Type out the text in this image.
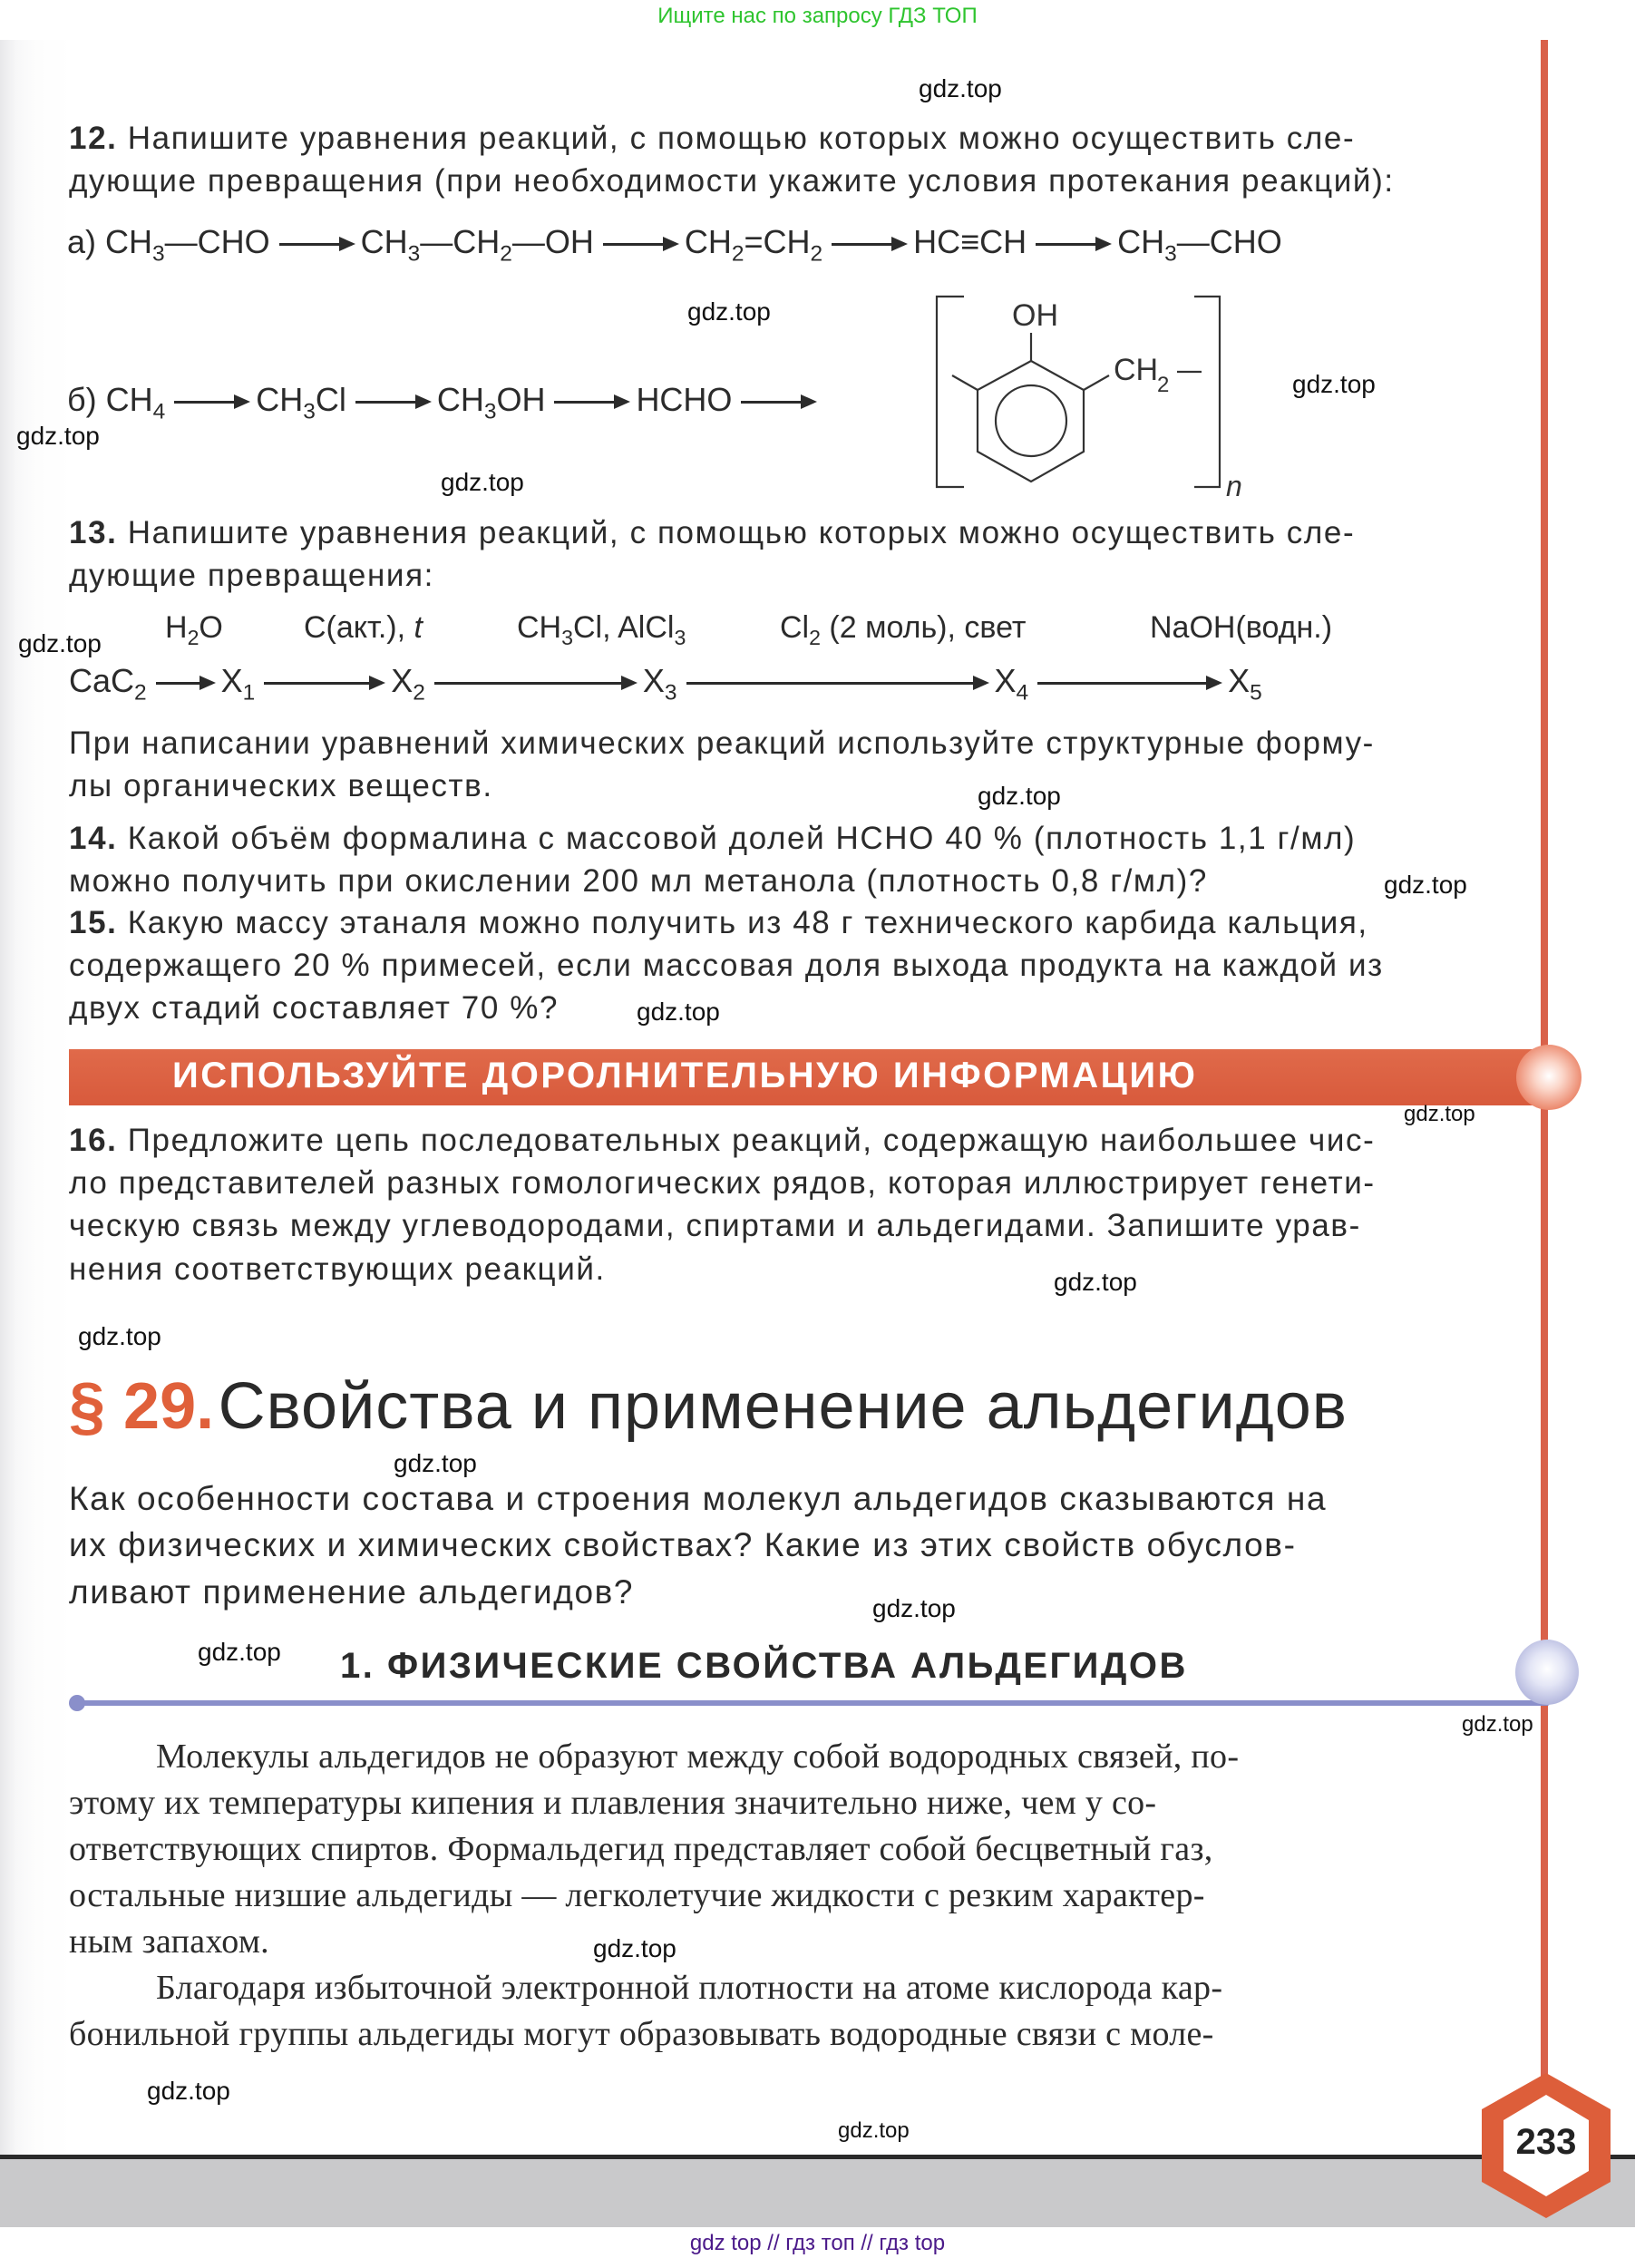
Ищите нас по запросу ГДЗ ТОП
12. Напишите уравнения реакций, с помощью которых можно осуществить сле-
дующие превращения (при необходимости укажите условия протекания реакций):
а) $CH_3—CHO$	$CH_3—CH_2—OH$	$CH_2=CH_2$	HC≡CH	$CH_3—CHO$
б) $CH_4$	$CH_3Cl$	$CH_3OH$	HCHO
OH
CH
2
n
13. Напишите уравнения реакций, с помощью которых можно осуществить сле-
дующие превращения:
$H_2O$	C(акт.), t	$CH_3Cl$, AlCl$_3$	$Cl_2$ (2 моль), свет	NaOH(водн.)
CaC$_2$ $X_1$	$X_2$	$X_3$	$X_4$	$X_5$
При написании уравнений химических реакций используйте структурные форму-
лы органических веществ.
14. Какой объём формалина с массовой долей HCHO 40 % (плотность 1,1 г/мл)
можно получить при окислении 200 мл метанола (плотность 0,8 г/мл)?
15. Какую массу этаналя можно получить из 48 г технического карбида кальция,
содержащего 20 % примесей, если массовая доля выхода продукта на каждой из
двух стадий составляет 70 %?
ИСПОЛЬЗУЙТЕ ДОРОЛНИТЕЛЬНУЮ ИНФОРМАЦИЮ
16. Предложите цепь последовательных реакций, содержащую наибольшее чис-
ло представителей разных гомологических рядов, которая иллюстрирует генети-
ческую связь между углеводородами, спиртами и альдегидами. Запишите урав-
нения соответствующих реакций.
§ 29. Свойства и применение альдегидов
Как особенности состава и строения молекул альдегидов сказываются на
их физических и химических свойствах? Какие из этих свойств обуслов-
ливают применение альдегидов?
1. ФИЗИЧЕСКИЕ СВОЙСТВА АЛЬДЕГИДОВ
Молекулы альдегидов не образуют между собой водородных связей, по-
этому их температуры кипения и плавления значительно ниже, чем у со-
ответствующих спиртов. Формальдегид представляет собой бесцветный газ,
остальные низшие альдегиды — легколетучие жидкости с резким характер-
ным запахом.
Благодаря избыточной электронной плотности на атоме кислорода кар-
бонильной группы альдегиды могут образовывать водородные связи с моле-
233
gdz.top
gdz.top
gdz.top
gdz.top
gdz.top
gdz.top
gdz.top
gdz.top
gdz.top
gdz.top
gdz.top
gdz.top
gdz.top
gdz.top
gdz.top
gdz.top
gdz.top
gdz.top
gdz.top
gdz top // гдз топ // гдз top
